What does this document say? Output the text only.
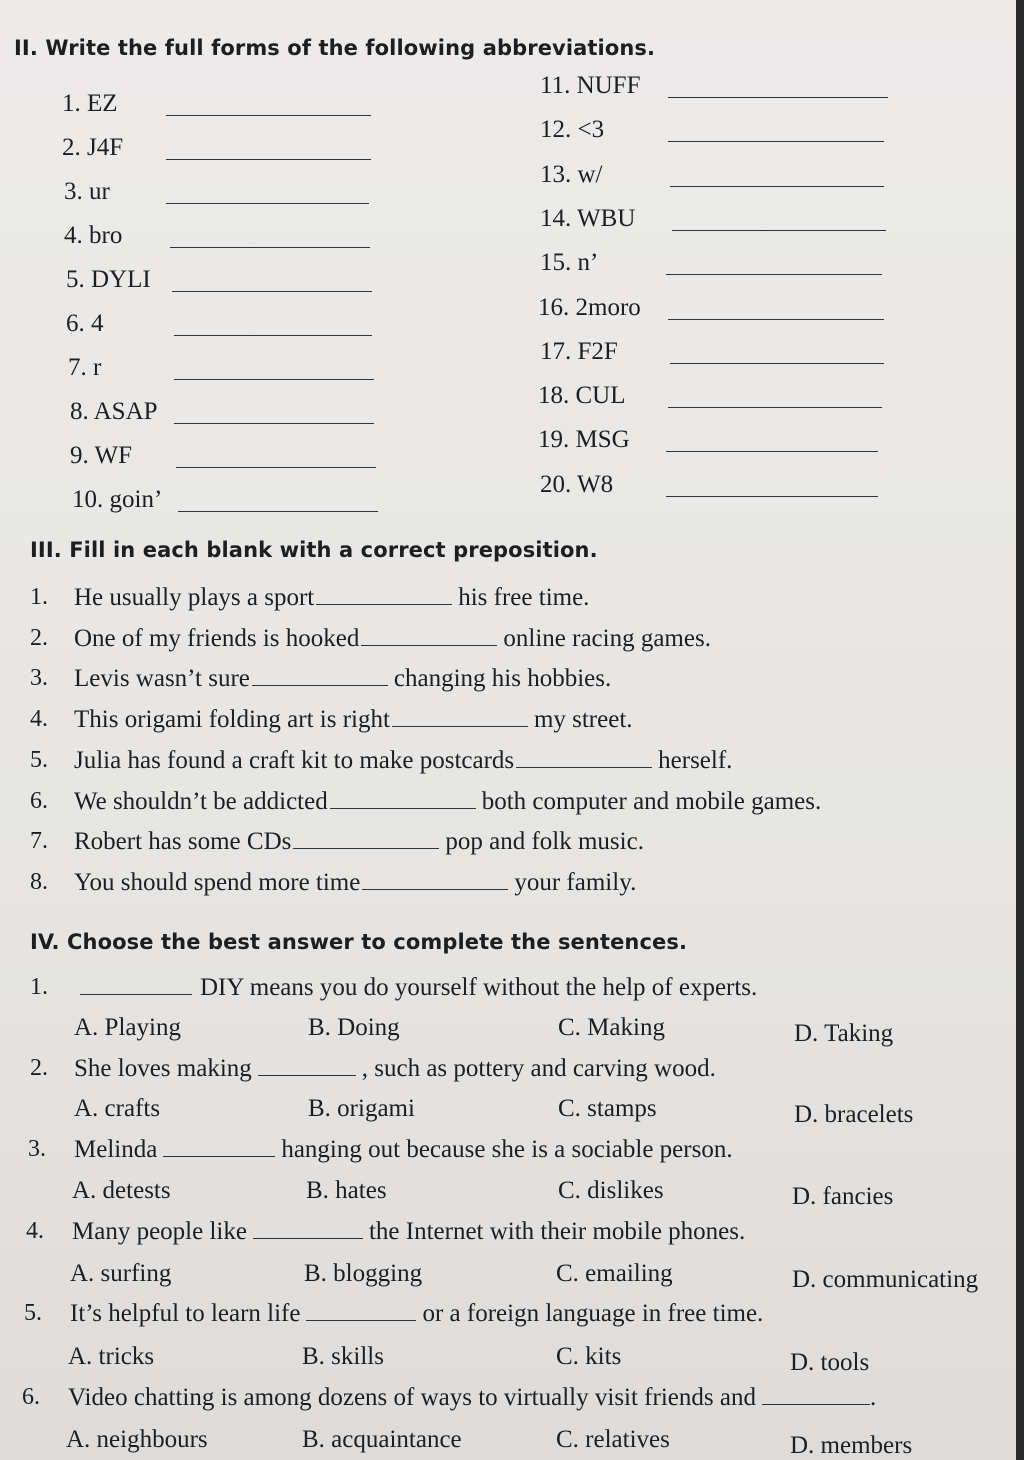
II. Write the full forms of the following abbreviations.
1. EZ
2. J4F
3. ur
4. bro
5. DYLI
6. 4
7. r
8. ASAP
9. WF
10. goin’
11. NUFF
12. <3
13. w/
14. WBU
15. n’
16. 2moro
17. F2F
18. CUL
19. MSG
20. W8
III. Fill in each blank with a correct preposition.
1. He usually plays a sport	his free time.
2. One of my friends is hooked	online racing games.
3. Levis wasn’t sure	changing his hobbies.
4. This origami folding art is right	my street.
5. Julia has found a craft kit to make postcards	herself.
6. We shouldn’t be addicted	both computer and mobile games.
7. Robert has some CDs	pop and folk music.
8. You should spend more time	your family.
IV. Choose the best answer to complete the sentences.
1.	DIY means you do yourself without the help of experts.
A. Playing	B. Doing	C. Making	D. Taking
2. She loves making	, such as pottery and carving wood.
A. crafts	B. origami	C. stamps	D. bracelets
3. Melinda	hanging out because she is a sociable person.
A. detests	B. hates	C. dislikes	D. fancies
4. Many people like	the Internet with their mobile phones.
A. surfing	B. blogging	C. emailing	D. communicating
5. It’s helpful to learn life	or a foreign language in free time.
A. tricks	B. skills	C. kits	D. tools
6. Video chatting is among dozens of ways to virtually visit friends and	.
A. neighbours	B. acquaintance	C. relatives	D. members
